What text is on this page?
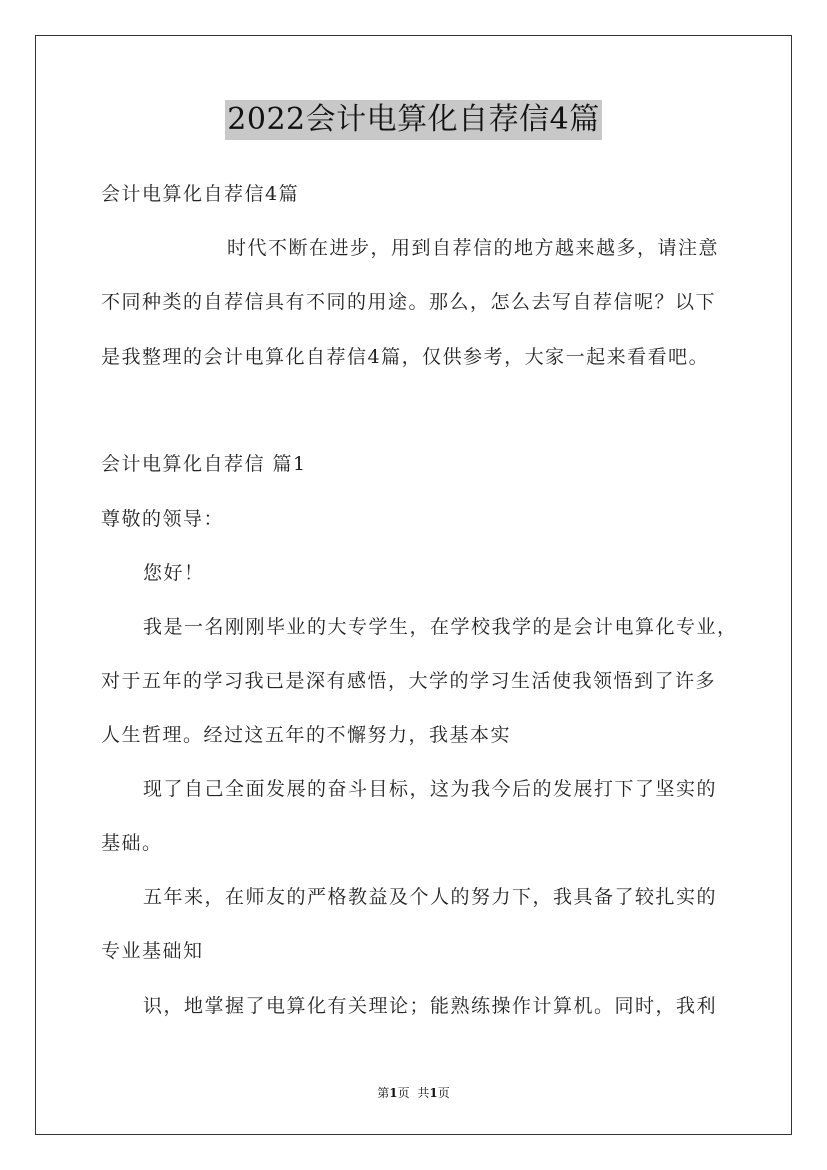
2022会计电算化自荐信4篇
会计电算化自荐信4篇
时代不断在进步，用到自荐信的地方越来越多，请注意
不同种类的自荐信具有不同的用途。那么，怎么去写自荐信呢？以下
是我整理的会计电算化自荐信4篇，仅供参考，大家一起来看看吧。
会计电算化自荐信 篇1
尊敬的领导：
您好！
我是一名刚刚毕业的大专学生，在学校我学的是会计电算化专业，
对于五年的学习我已是深有感悟，大学的学习生活使我领悟到了许多
人生哲理。经过这五年的不懈努力，我基本实
现了自己全面发展的奋斗目标，这为我今后的发展打下了坚实的
基础。
五年来，在师友的严格教益及个人的努力下，我具备了较扎实的
专业基础知
识，地掌握了电算化有关理论；能熟练操作计算机。同时，我利
第1页 共1页
